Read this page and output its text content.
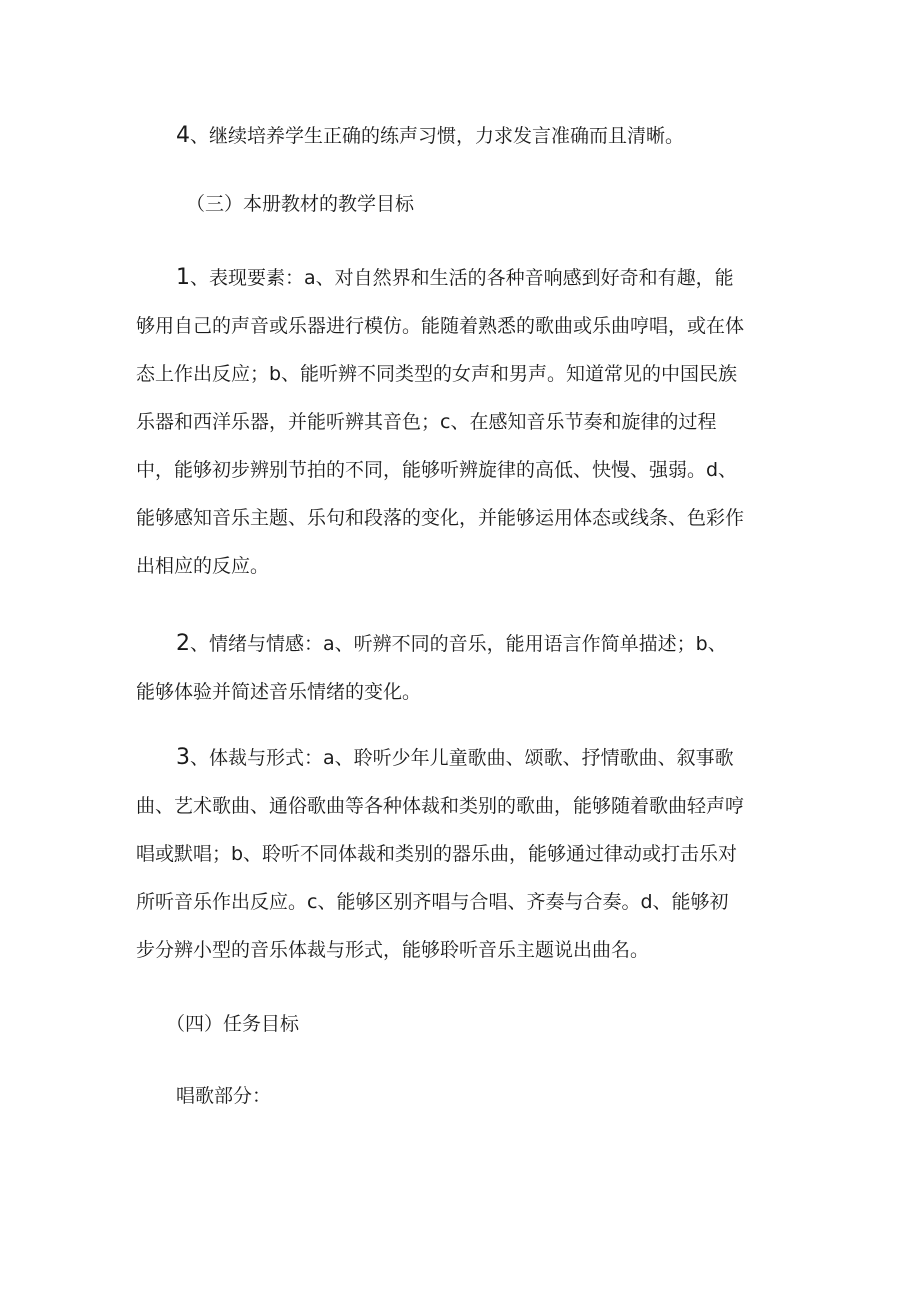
4、继续培养学生正确的练声习惯，力求发言准确而且清晰。
（三）本册教材的教学目标
1、表现要素：a、对自然界和生活的各种音响感到好奇和有趣，能
够用自己的声音或乐器进行模仿。能随着熟悉的歌曲或乐曲哼唱，或在体
态上作出反应；b、能听辨不同类型的女声和男声。知道常见的中国民族
乐器和西洋乐器，并能听辨其音色；c、在感知音乐节奏和旋律的过程
中，能够初步辨别节拍的不同，能够听辨旋律的高低、快慢、强弱。d、
能够感知音乐主题、乐句和段落的变化，并能够运用体态或线条、色彩作
出相应的反应。
2、情绪与情感：a、听辨不同的音乐，能用语言作简单描述；b、
能够体验并简述音乐情绪的变化。
3、体裁与形式：a、聆听少年儿童歌曲、颂歌、抒情歌曲、叙事歌
曲、艺术歌曲、通俗歌曲等各种体裁和类别的歌曲，能够随着歌曲轻声哼
唱或默唱；b、聆听不同体裁和类别的器乐曲，能够通过律动或打击乐对
所听音乐作出反应。c、能够区别齐唱与合唱、齐奏与合奏。d、能够初
步分辨小型的音乐体裁与形式，能够聆听音乐主题说出曲名。
（四）任务目标
唱歌部分：
